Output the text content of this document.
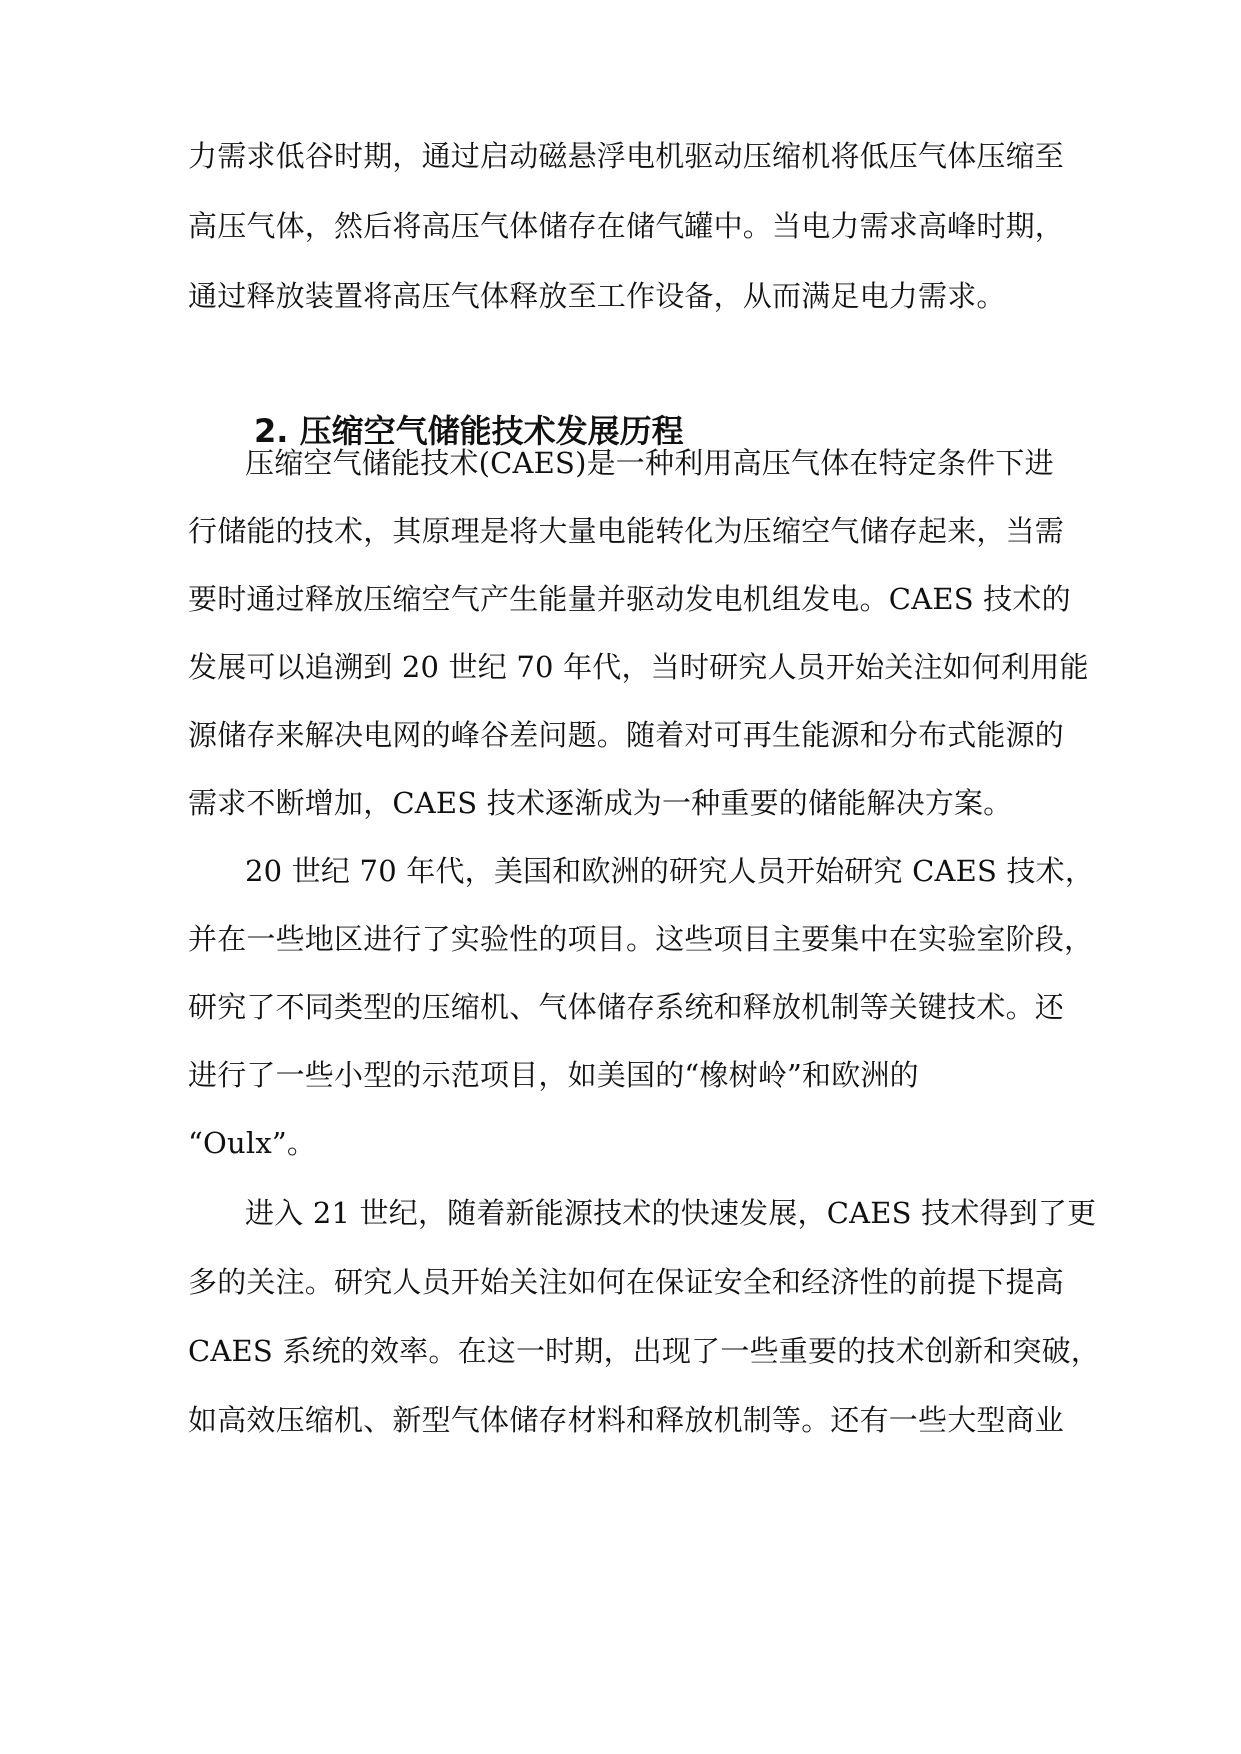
力需求低谷时期，通过启动磁悬浮电机驱动压缩机将低压气体压缩至
高压气体，然后将高压气体储存在储气罐中。当电力需求高峰时期，
通过释放装置将高压气体释放至工作设备，从而满足电力需求。
2. 压缩空气储能技术发展历程
压缩空气储能技术(CAES)是一种利用高压气体在特定条件下进
行储能的技术，其原理是将大量电能转化为压缩空气储存起来，当需
要时通过释放压缩空气产生能量并驱动发电机组发电。CAES 技术的
发展可以追溯到 20 世纪 70 年代，当时研究人员开始关注如何利用能
源储存来解决电网的峰谷差问题。随着对可再生能源和分布式能源的
需求不断增加，CAES 技术逐渐成为一种重要的储能解决方案。
20 世纪 70 年代，美国和欧洲的研究人员开始研究 CAES 技术，
并在一些地区进行了实验性的项目。这些项目主要集中在实验室阶段，
研究了不同类型的压缩机、气体储存系统和释放机制等关键技术。还
进行了一些小型的示范项目，如美国的“橡树岭”和欧洲的
“Oulx”。
进入 21 世纪，随着新能源技术的快速发展，CAES 技术得到了更
多的关注。研究人员开始关注如何在保证安全和经济性的前提下提高
CAES 系统的效率。在这一时期，出现了一些重要的技术创新和突破，
如高效压缩机、新型气体储存材料和释放机制等。还有一些大型商业
